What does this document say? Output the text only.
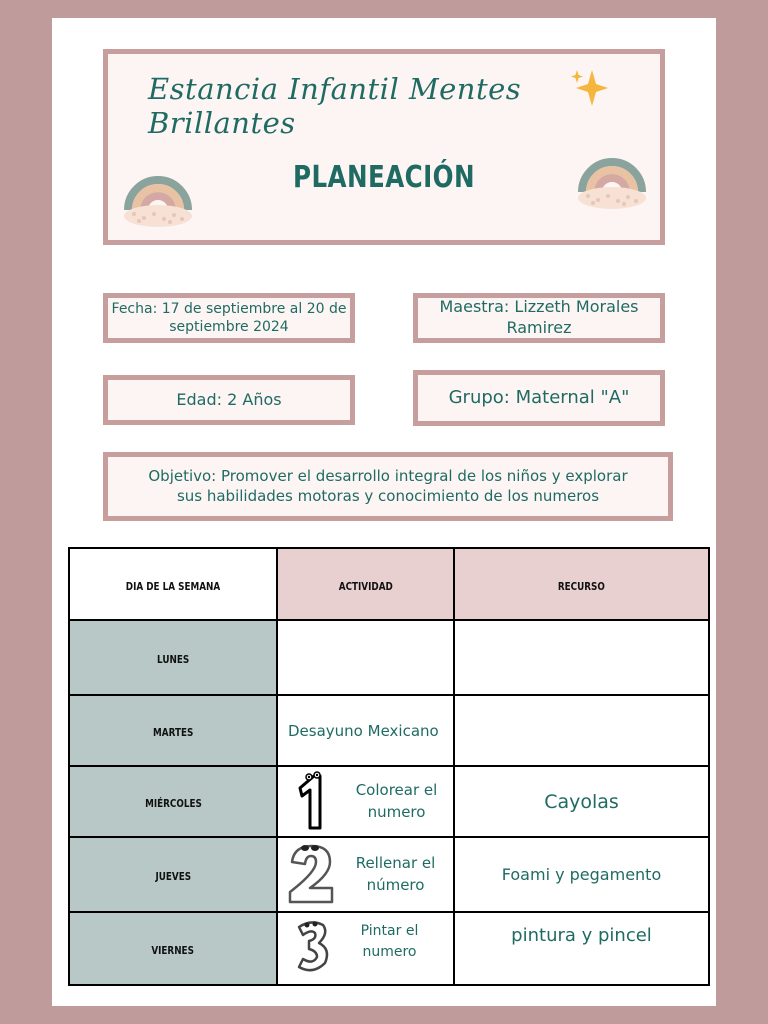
Estancia Infantil Mentes Brillantes
PLANEACIÓN
Fecha: 17 de septiembre al 20 de septiembre 2024
Maestra: Lizzeth Morales Ramirez
Edad: 2 Años	Grupo: Maternal "A"
Objetivo: Promover el desarrollo integral de los niños y explorar sus habilidades motoras y conocimiento de los numeros
DIA DE LA SEMANA	ACTIVIDAD	RECURSO
LUNES		
MARTES	Desayuno Mexicano	
MIÉRCOLES	Colorear el numero	Cayolas
JUEVES	Rellenar el número	Foami y pegamento
VIERNES	Pintar el numero	pintura y pincel
